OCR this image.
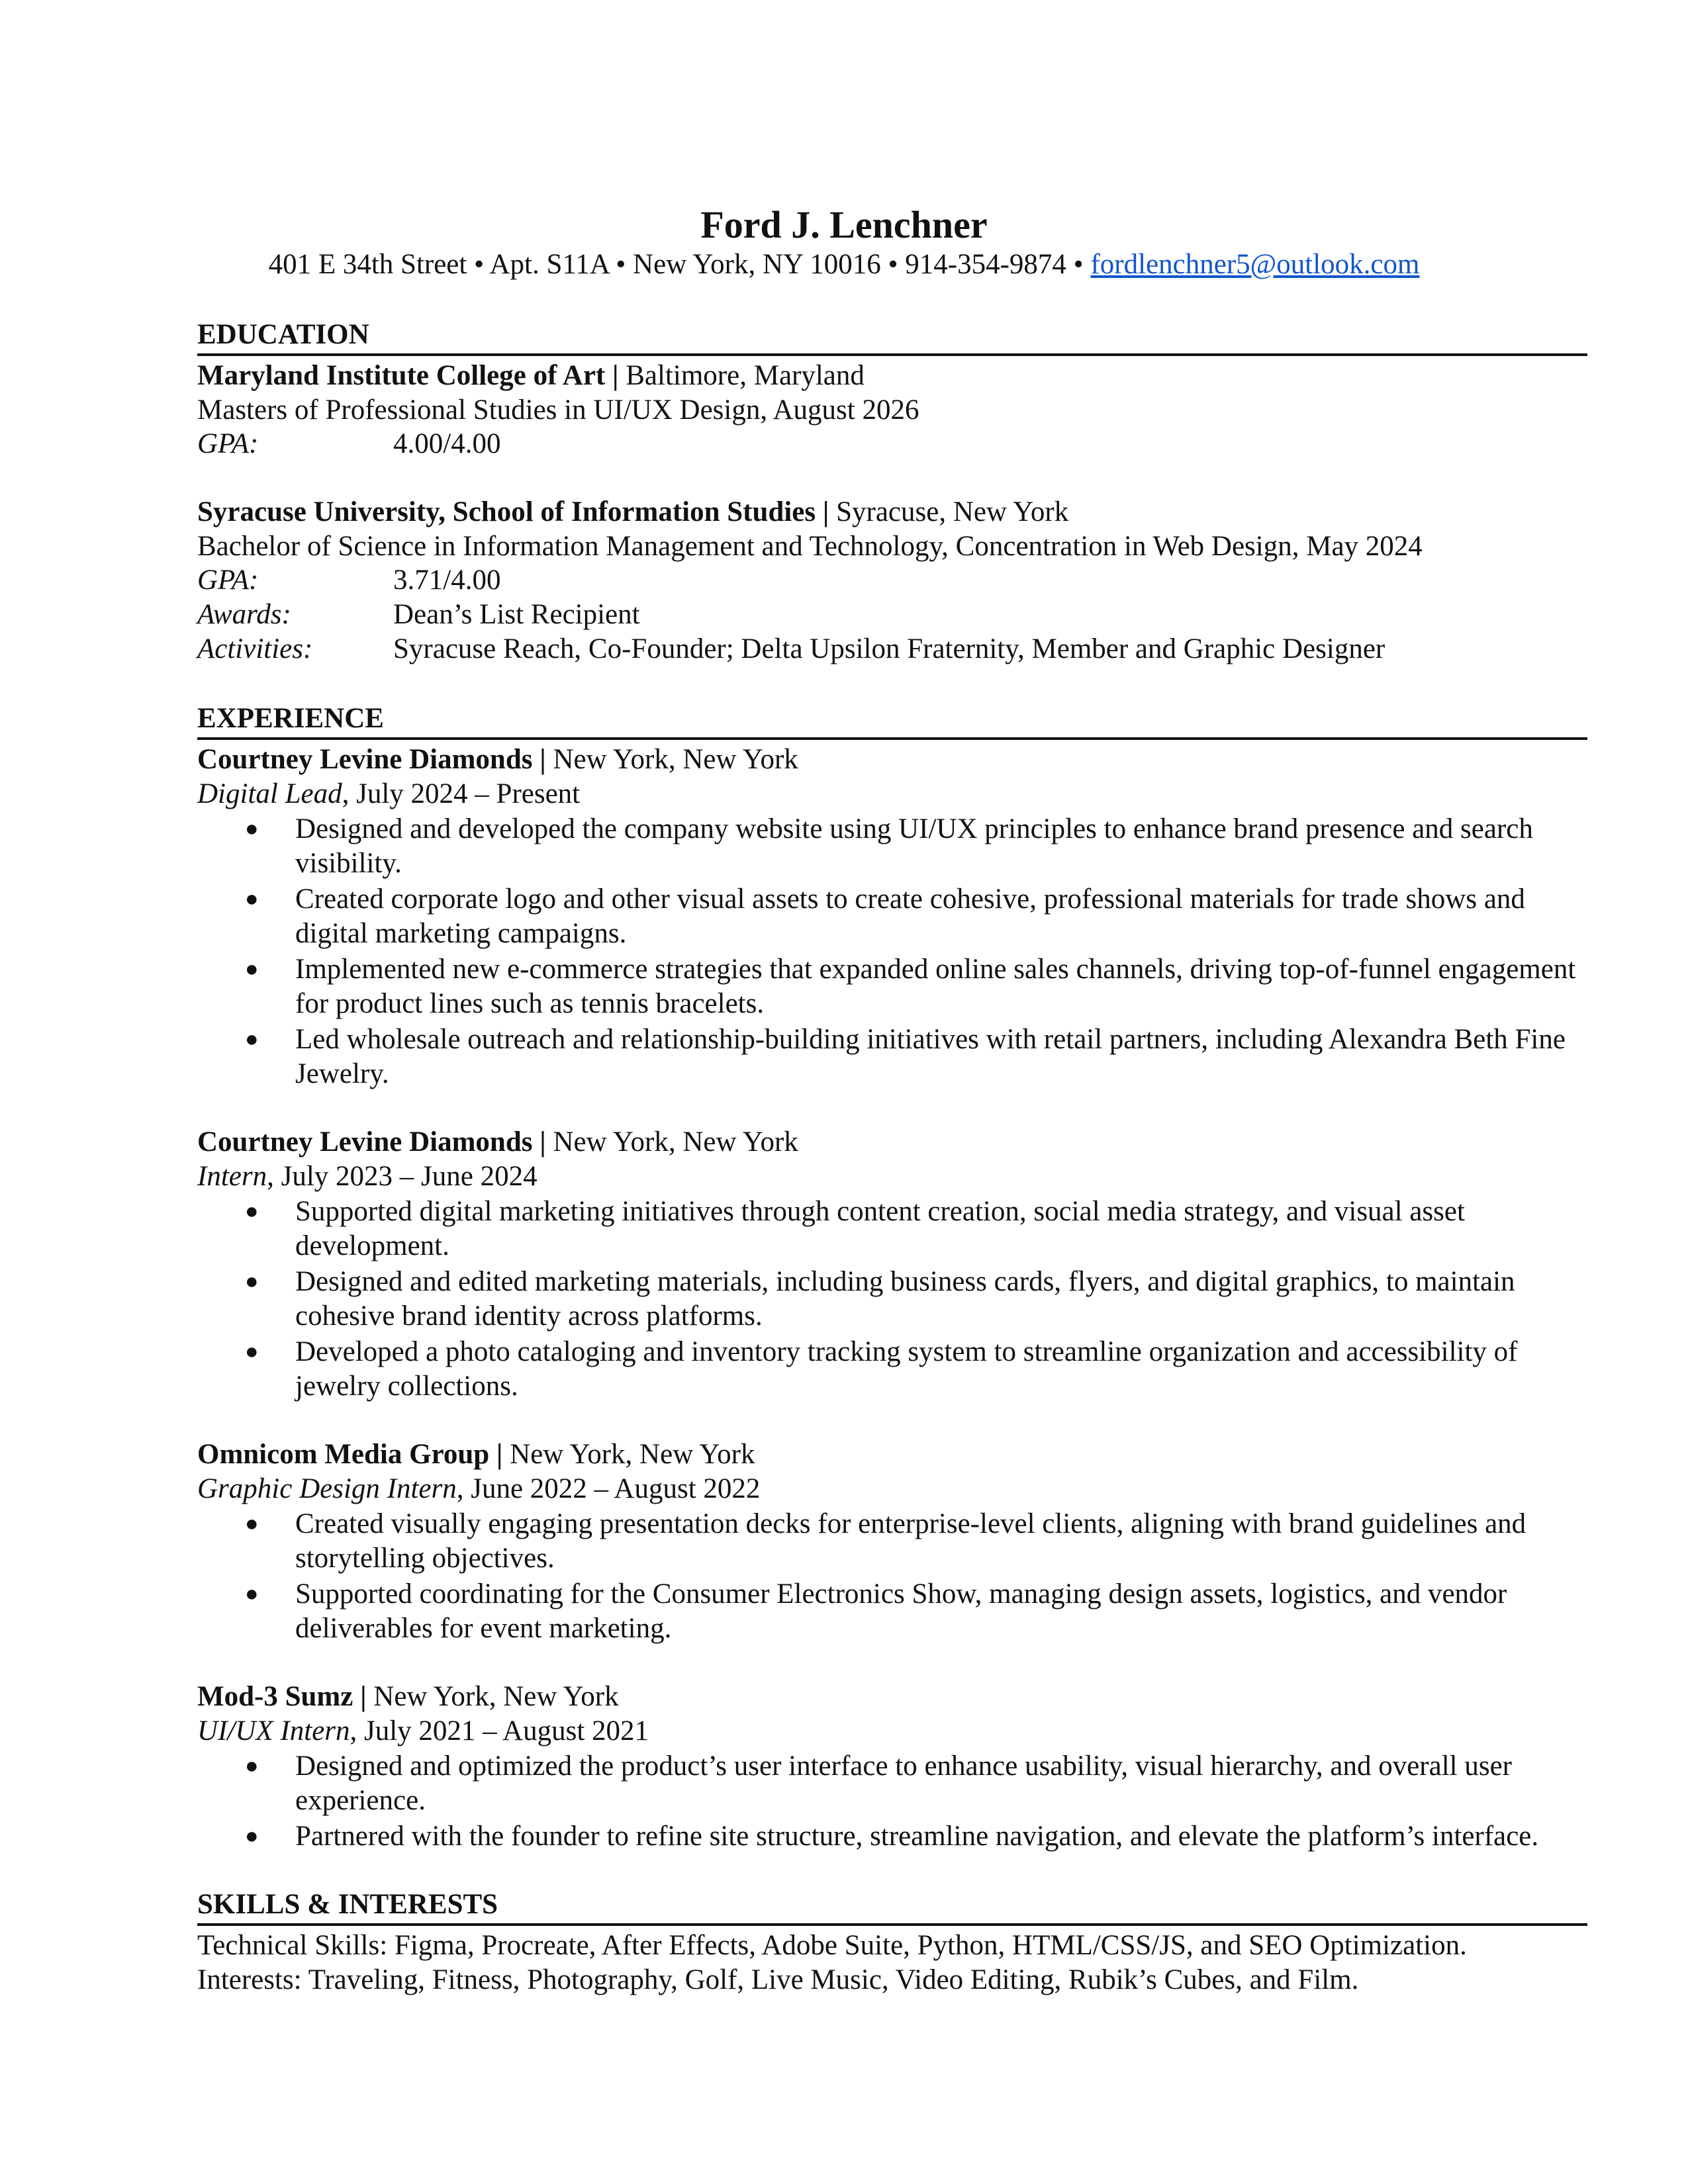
Ford J. Lenchner
401 E 34th Street • Apt. S11A • New York, NY 10016 • 914-354-9874 • fordlenchner5@outlook.com
EDUCATION
Maryland Institute College of Art | Baltimore, Maryland
Masters of Professional Studies in UI/UX Design, August 2026
GPA:	4.00/4.00
Syracuse University, School of Information Studies | Syracuse, New York
Bachelor of Science in Information Management and Technology, Concentration in Web Design, May 2024
GPA:	3.71/4.00
Awards:	Dean’s List Recipient
Activities:	Syracuse Reach, Co-Founder; Delta Upsilon Fraternity, Member and Graphic Designer
EXPERIENCE
Courtney Levine Diamonds | New York, New York
Digital Lead, July 2024 – Present
● Designed and developed the company website using UI/UX principles to enhance brand presence and search visibility.
● Created corporate logo and other visual assets to create cohesive, professional materials for trade shows and digital marketing campaigns.
● Implemented new e-commerce strategies that expanded online sales channels, driving top-of-funnel engagement for product lines such as tennis bracelets.
● Led wholesale outreach and relationship-building initiatives with retail partners, including Alexandra Beth Fine Jewelry.
Courtney Levine Diamonds | New York, New York
Intern, July 2023 – June 2024
● Supported digital marketing initiatives through content creation, social media strategy, and visual asset development.
● Designed and edited marketing materials, including business cards, flyers, and digital graphics, to maintain cohesive brand identity across platforms.
● Developed a photo cataloging and inventory tracking system to streamline organization and accessibility of jewelry collections.
Omnicom Media Group | New York, New York
Graphic Design Intern, June 2022 – August 2022
● Created visually engaging presentation decks for enterprise-level clients, aligning with brand guidelines and storytelling objectives.
● Supported coordinating for the Consumer Electronics Show, managing design assets, logistics, and vendor deliverables for event marketing.
Mod-3 Sumz | New York, New York
UI/UX Intern, July 2021 – August 2021
● Designed and optimized the product’s user interface to enhance usability, visual hierarchy, and overall user experience.
● Partnered with the founder to refine site structure, streamline navigation, and elevate the platform’s interface.
SKILLS & INTERESTS
Technical Skills: Figma, Procreate, After Effects, Adobe Suite, Python, HTML/CSS/JS, and SEO Optimization.
Interests: Traveling, Fitness, Photography, Golf, Live Music, Video Editing, Rubik’s Cubes, and Film.
